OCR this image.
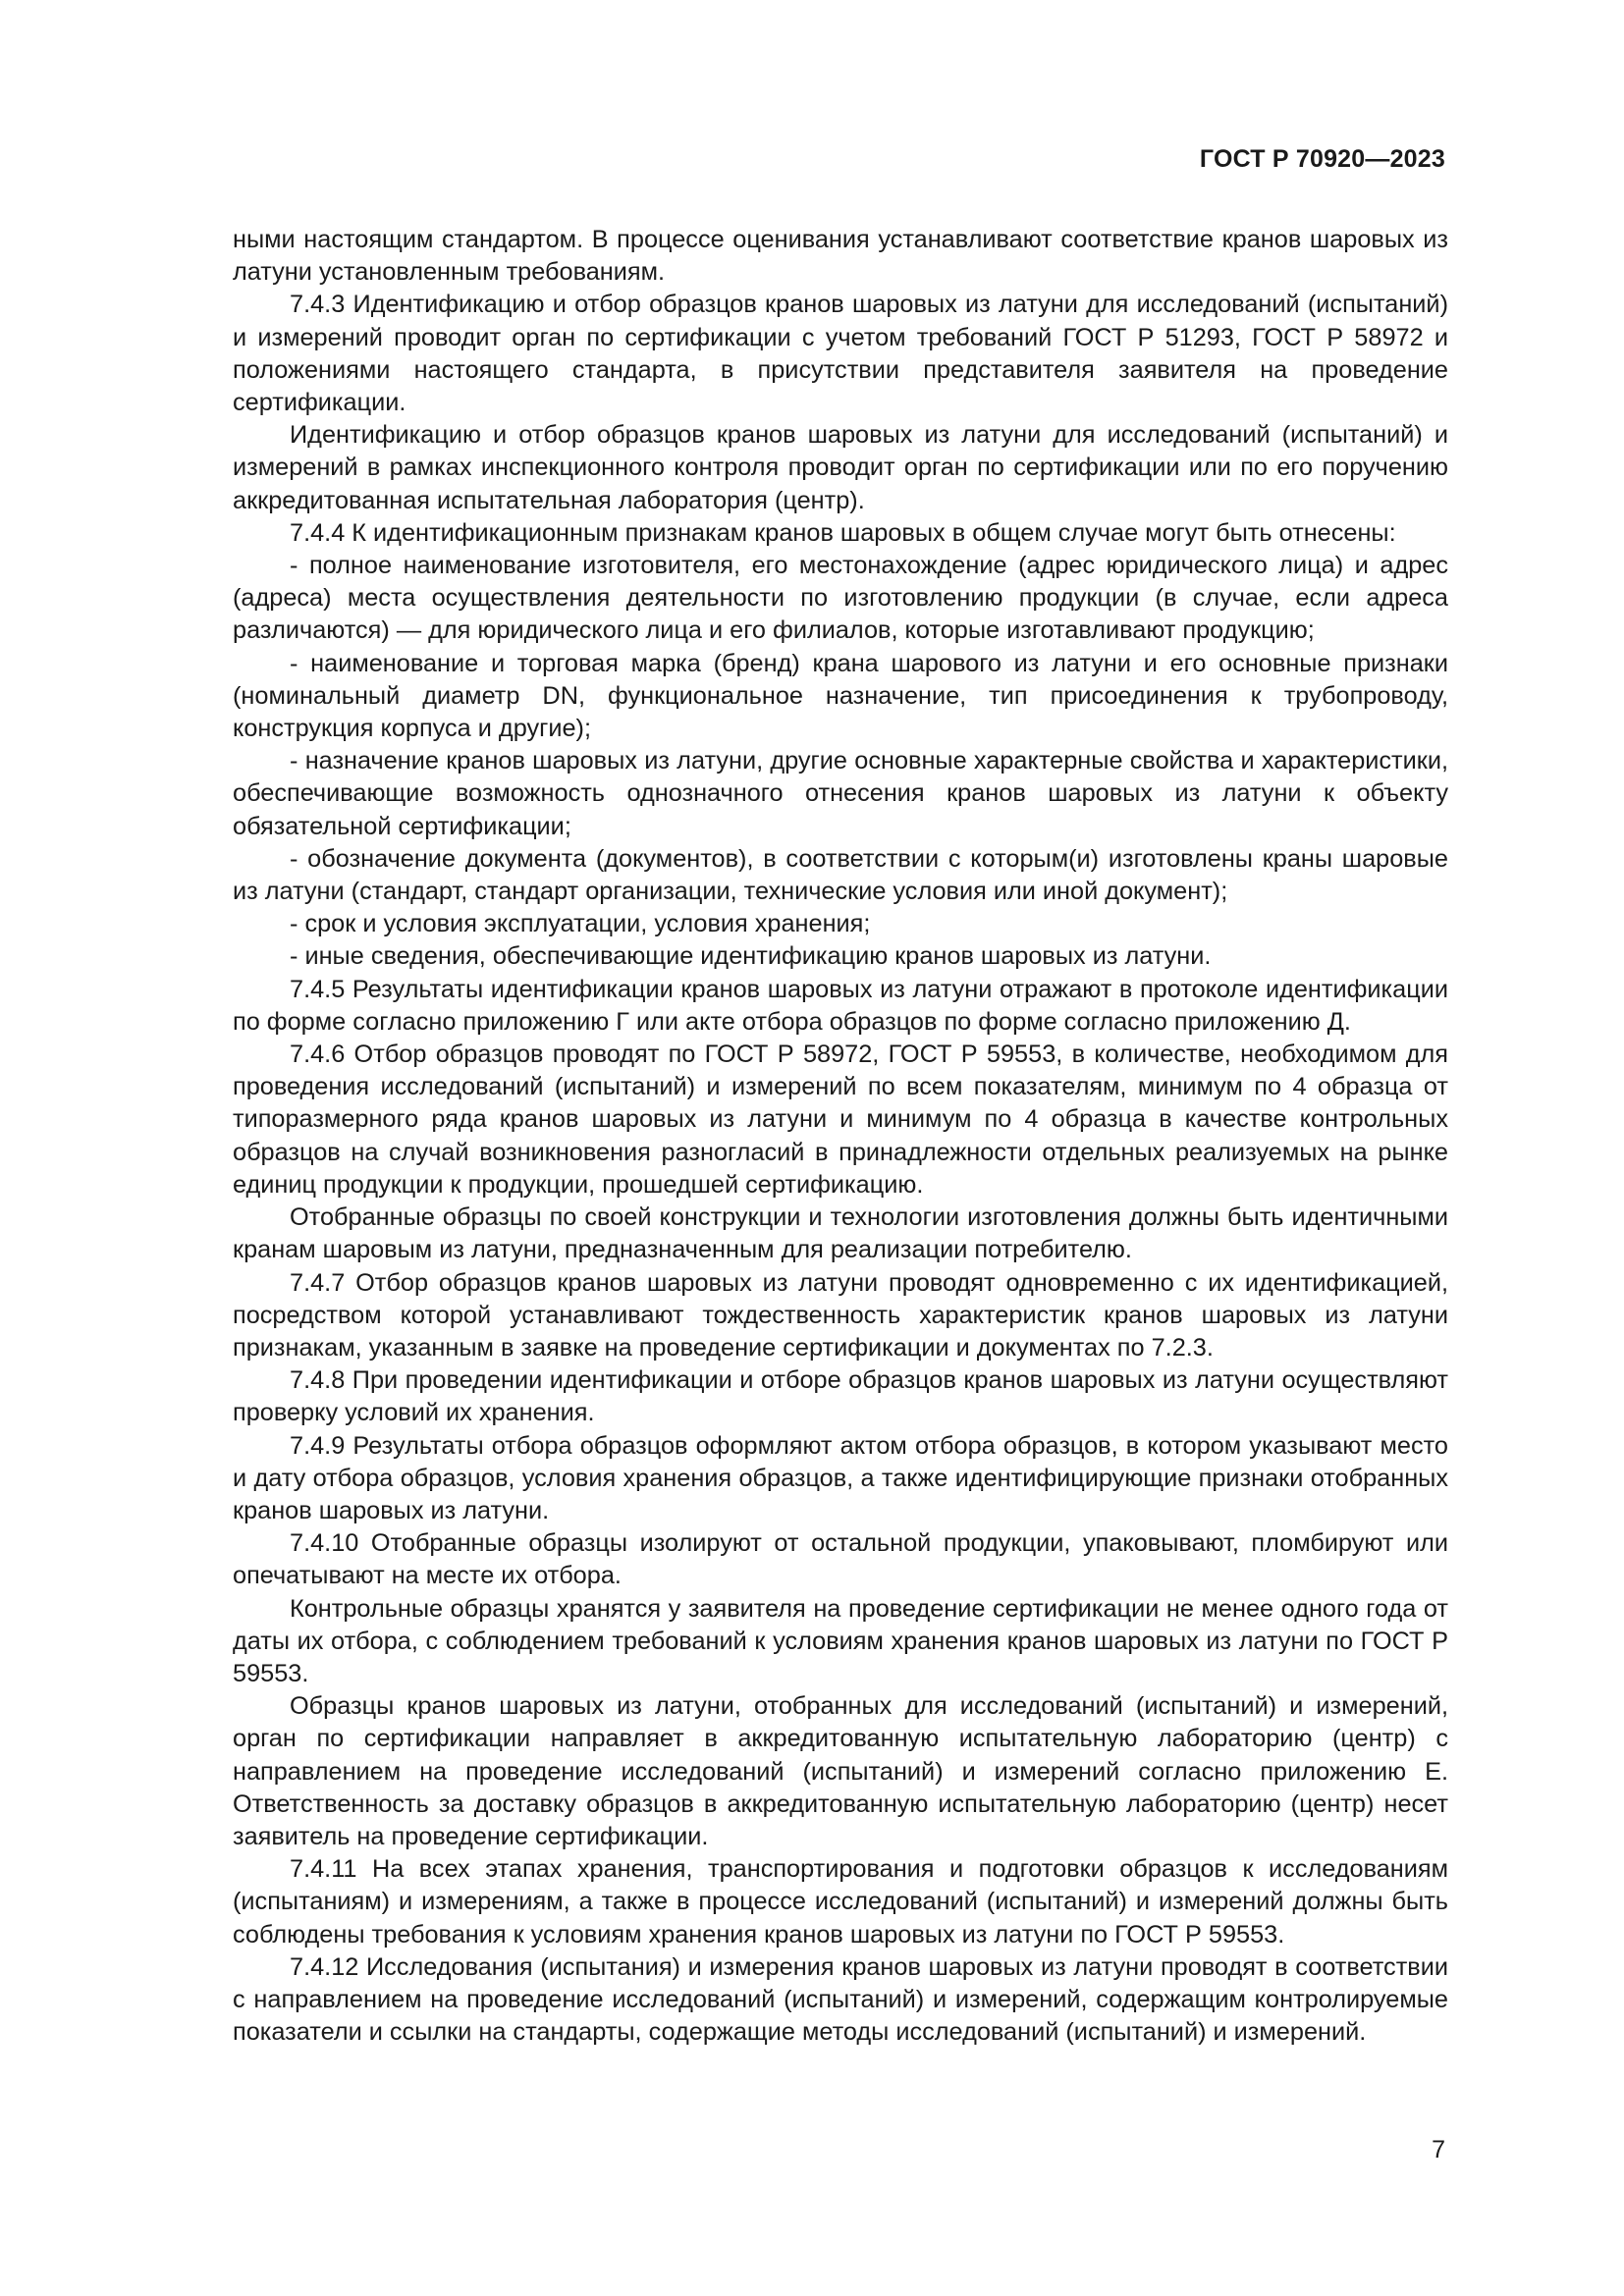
ГОСТ Р 70920—2023

ными настоящим стандартом. В процессе оценивания устанавливают соответствие кранов шаровых из латуни установленным требованиям.

7.4.3 Идентификацию и отбор образцов кранов шаровых из латуни для исследований (испытаний) и измерений проводит орган по сертификации с учетом требований ГОСТ Р 51293, ГОСТ Р 58972 и положениями настоящего стандарта, в присутствии представителя заявителя на проведение сертификации.

Идентификацию и отбор образцов кранов шаровых из латуни для исследований (испытаний) и измерений в рамках инспекционного контроля проводит орган по сертификации или по его поручению аккредитованная испытательная лаборатория (центр).

7.4.4 К идентификационным признакам кранов шаровых в общем случае могут быть отнесены:

- полное наименование изготовителя, его местонахождение (адрес юридического лица) и адрес (адреса) места осуществления деятельности по изготовлению продукции (в случае, если адреса различаются) — для юридического лица и его филиалов, которые изготавливают продукцию;

- наименование и торговая марка (бренд) крана шарового из латуни и его основные признаки (номинальный диаметр DN, функциональное назначение, тип присоединения к трубопроводу, конструкция корпуса и другие);

- назначение кранов шаровых из латуни, другие основные характерные свойства и характеристики, обеспечивающие возможность однозначного отнесения кранов шаровых из латуни к объекту обязательной сертификации;

- обозначение документа (документов), в соответствии с которым(и) изготовлены краны шаровые из латуни (стандарт, стандарт организации, технические условия или иной документ);

- срок и условия эксплуатации, условия хранения;

- иные сведения, обеспечивающие идентификацию кранов шаровых из латуни.

7.4.5 Результаты идентификации кранов шаровых из латуни отражают в протоколе идентификации по форме согласно приложению Г или акте отбора образцов по форме согласно приложению Д.

7.4.6 Отбор образцов проводят по ГОСТ Р 58972, ГОСТ Р 59553, в количестве, необходимом для проведения исследований (испытаний) и измерений по всем показателям, минимум по 4 образца от типоразмерного ряда кранов шаровых из латуни и минимум по 4 образца в качестве контрольных образцов на случай возникновения разногласий в принадлежности отдельных реализуемых на рынке единиц продукции к продукции, прошедшей сертификацию.

Отобранные образцы по своей конструкции и технологии изготовления должны быть идентичными кранам шаровым из латуни, предназначенным для реализации потребителю.

7.4.7 Отбор образцов кранов шаровых из латуни проводят одновременно с их идентификацией, посредством которой устанавливают тождественность характеристик кранов шаровых из латуни признакам, указанным в заявке на проведение сертификации и документах по 7.2.3.

7.4.8 При проведении идентификации и отборе образцов кранов шаровых из латуни осуществляют проверку условий их хранения.

7.4.9 Результаты отбора образцов оформляют актом отбора образцов, в котором указывают место и дату отбора образцов, условия хранения образцов, а также идентифицирующие признаки отобранных кранов шаровых из латуни.

7.4.10 Отобранные образцы изолируют от остальной продукции, упаковывают, пломбируют или опечатывают на месте их отбора.

Контрольные образцы хранятся у заявителя на проведение сертификации не менее одного года от даты их отбора, с соблюдением требований к условиям хранения кранов шаровых из латуни по ГОСТ Р 59553.

Образцы кранов шаровых из латуни, отобранных для исследований (испытаний) и измерений, орган по сертификации направляет в аккредитованную испытательную лабораторию (центр) с направлением на проведение исследований (испытаний) и измерений согласно приложению Е. Ответственность за доставку образцов в аккредитованную испытательную лабораторию (центр) несет заявитель на проведение сертификации.

7.4.11 На всех этапах хранения, транспортирования и подготовки образцов к исследованиям (испытаниям) и измерениям, а также в процессе исследований (испытаний) и измерений должны быть соблюдены требования к условиям хранения кранов шаровых из латуни по ГОСТ Р 59553.

7.4.12 Исследования (испытания) и измерения кранов шаровых из латуни проводят в соответствии с направлением на проведение исследований (испытаний) и измерений, содержащим контролируемые показатели и ссылки на стандарты, содержащие методы исследований (испытаний) и измерений.

7
